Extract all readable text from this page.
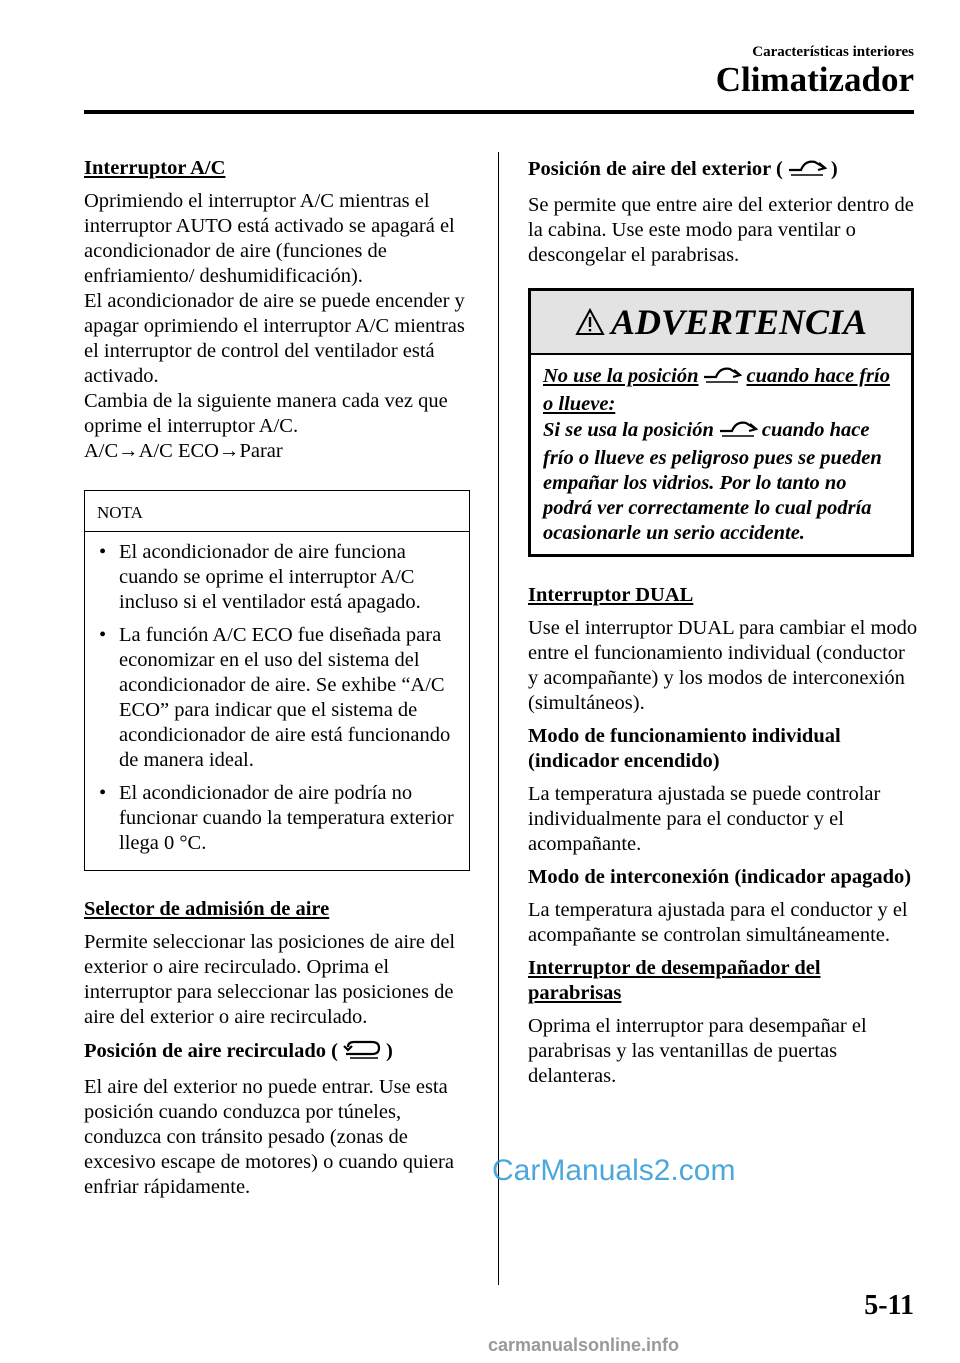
Características interiores
Climatizador
Interruptor A/C

Oprimiendo el interruptor A/C mientras el interruptor AUTO está activado se apagará el acondicionador de aire (funciones de enfriamiento/ deshumidificación).

El acondicionador de aire se puede encender y apagar oprimiendo el interruptor A/C mientras el interruptor de control del ventilador está activado.

Cambia de la siguiente manera cada vez que oprime el interruptor A/C.

A/C→A/C ECO→Parar

NOTA
• El acondicionador de aire funciona cuando se oprime el interruptor A/C incluso si el ventilador está apagado.
• La función A/C ECO fue diseñada para economizar en el uso del sistema del acondicionador de aire. Se exhibe “A/C ECO” para indicar que el sistema de acondicionador de aire está funcionando de manera ideal.
• El acondicionador de aire podría no funcionar cuando la temperatura exterior llega 0 °C.
Selector de admisión de aire

Permite seleccionar las posiciones de aire del exterior o aire recirculado. Oprima el interruptor para seleccionar las posiciones de aire del exterior o aire recirculado.

Posición de aire recirculado ( )

El aire del exterior no puede entrar. Use esta posición cuando conduzca por túneles, conduzca con tránsito pesado (zonas de excesivo escape de motores) o cuando quiera enfriar rápidamente.

Posición de aire del exterior ( )

Se permite que entre aire del exterior dentro de la cabina. Use este modo para ventilar o descongelar el parabrisas.

ADVERTENCIA
No use la posición cuando hace frío o llueve:
Si se usa la posición cuando hace frío o llueve es peligroso pues se pueden empañar los vidrios. Por lo tanto no podrá ver correctamente lo cual podría ocasionarle un serio accidente.
Interruptor DUAL

Use el interruptor DUAL para cambiar el modo entre el funcionamiento individual (conductor y acompañante) y los modos de interconexión (simultáneos).

Modo de funcionamiento individual (indicador encendido)

La temperatura ajustada se puede controlar individualmente para el conductor y el acompañante.

Modo de interconexión (indicador apagado)

La temperatura ajustada para el conductor y el acompañante se controlan simultáneamente.

Interruptor de desempañador del parabrisas

Oprima el interruptor para desempañar el parabrisas y las ventanillas de puertas delanteras.

CarManuals2.com
5-11
carmanualsonline.info
